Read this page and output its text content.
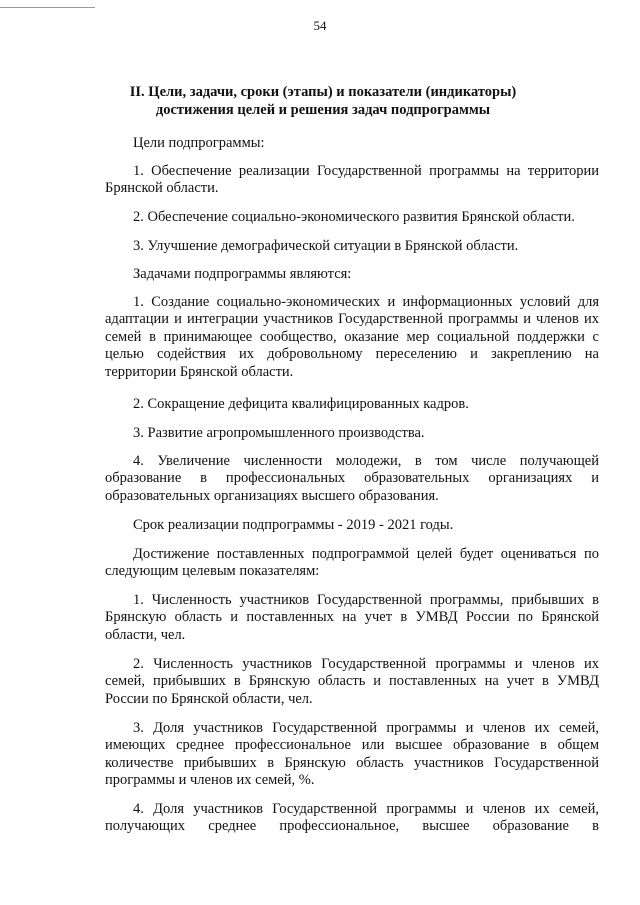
54
II. Цели, задачи, сроки (этапы) и показатели (индикаторы)
достижения целей и решения задач подпрограммы

Цели подпрограммы:

1. Обеспечение реализации Государственной программы на территории Брянской области.

2. Обеспечение социально-экономического развития Брянской области.

3. Улучшение демографической ситуации в Брянской области.

Задачами подпрограммы являются:

1. Создание социально-экономических и информационных условий для адаптации и интеграции участников Государственной программы и членов их семей в принимающее сообщество, оказание мер социальной поддержки с целью содействия их добровольному переселению и закреплению на территории Брянской области.

2. Сокращение дефицита квалифицированных кадров.

3. Развитие агропромышленного производства.

4. Увеличение численности молодежи, в том числе получающей образование в профессиональных образовательных организациях и образовательных организациях высшего образования.

Срок реализации подпрограммы - 2019 - 2021 годы.

Достижение поставленных подпрограммой целей будет оцениваться по следующим целевым показателям:

1. Численность участников Государственной программы, прибывших в Брянскую область и поставленных на учет в УМВД России по Брянской области, чел.

2. Численность участников Государственной программы и членов их семей, прибывших в Брянскую область и поставленных на учет в УМВД России по Брянской области, чел.

3. Доля участников Государственной программы и членов их семей, имеющих среднее профессиональное или высшее образование в общем количестве прибывших в Брянскую область участников Государственной программы и членов их семей, %.

4. Доля участников Государственной программы и членов их семей, получающих среднее профессиональное, высшее образование в
